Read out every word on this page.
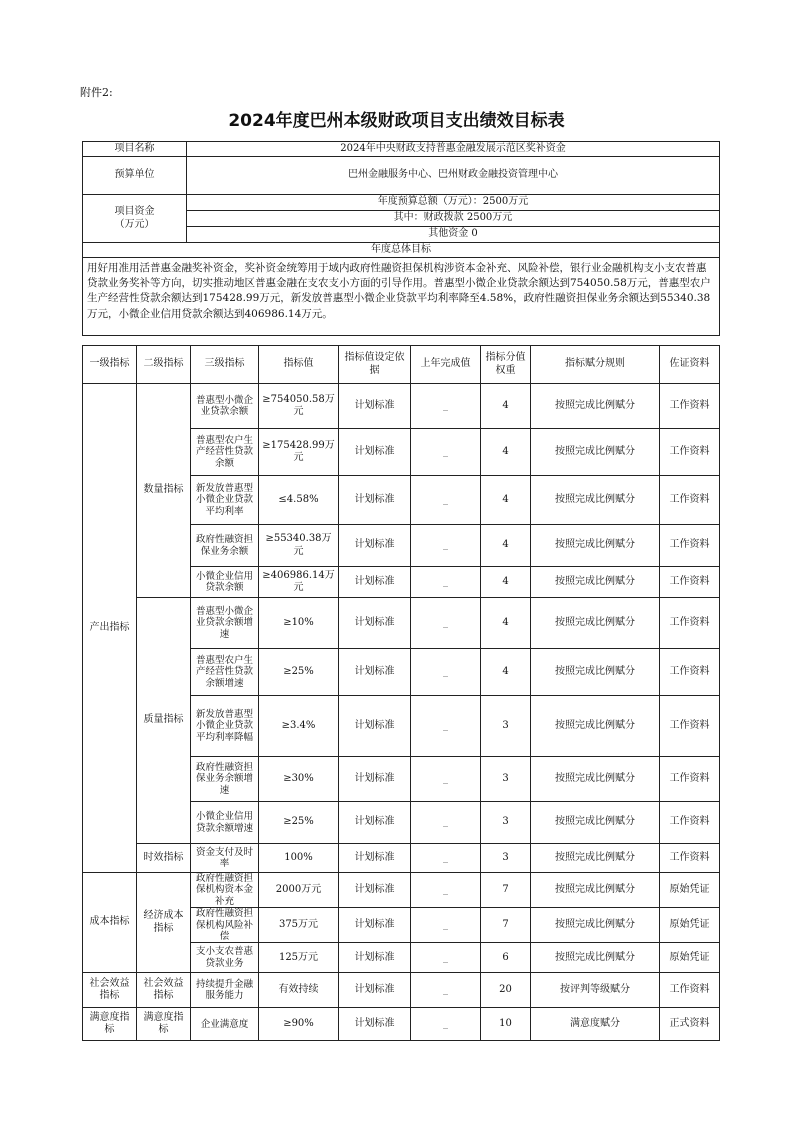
附件2:
2024年度巴州本级财政项目支出绩效目标表
项目名称	2024年中央财政支持普惠金融发展示范区奖补资金
预算单位	巴州金融服务中心、巴州财政金融投资管理中心
项目资金
（万元）	年度预算总额（万元）：2500万元
	其中：财政拨款 2500万元
	其他资金 0
年度总体目标	
用好用准用活普惠金融奖补资金，奖补资金统筹用于域内政府性融资担保机构涉资本金补充、风险补偿，银行业金融机构支小支农普惠贷款业务奖补等方向，切实推动地区普惠金融在支农支小方面的引导作用。普惠型小微企业贷款余额达到754050.58万元，普惠型农户生产经营性贷款余额达到175428.99万元，新发放普惠型小微企业贷款平均利率降至4.58%，政府性融资担保业务余额达到55340.38万元，小微企业信用贷款余额达到406986.14万元。	
一级指标	二级指标	三级指标	指标值	指标值设定依据	上年完成值	指标分值权重	指标赋分规则	佐证资料
产出指标	数量指标	普惠型小微企业贷款余额	≥754050.58万元	计划标准	_	4	按照完成比例赋分	工作资料
		普惠型农户生产经营性贷款余额	≥175428.99万元	计划标准	_	4	按照完成比例赋分	工作资料
		新发放普惠型小微企业贷款平均利率	≤4.58%	计划标准	_	4	按照完成比例赋分	工作资料
		政府性融资担保业务余额	≥55340.38万元	计划标准	_	4	按照完成比例赋分	工作资料
		小微企业信用贷款余额	≥406986.14万元	计划标准	_	4	按照完成比例赋分	工作资料
	质量指标	普惠型小微企业贷款余额增速	≥10%	计划标准	_	4	按照完成比例赋分	工作资料
		普惠型农户生产经营性贷款余额增速	≥25%	计划标准	_	4	按照完成比例赋分	工作资料
		新发放普惠型小微企业贷款平均利率降幅	≥3.4%	计划标准	_	3	按照完成比例赋分	工作资料
		政府性融资担保业务余额增速	≥30%	计划标准	_	3	按照完成比例赋分	工作资料
		小微企业信用贷款余额增速	≥25%	计划标准	_	3	按照完成比例赋分	工作资料
	时效指标	资金支付及时率	100%	计划标准	_	3	按照完成比例赋分	工作资料
成本指标	经济成本指标	政府性融资担保机构资本金补充	2000万元	计划标准	_	7	按照完成比例赋分	原始凭证
		政府性融资担保机构风险补偿	375万元	计划标准	_	7	按照完成比例赋分	原始凭证
		支小支农普惠贷款业务	125万元	计划标准	_	6	按照完成比例赋分	原始凭证
社会效益指标	社会效益指标	持续提升金融服务能力	有效持续	计划标准	_	20	按评判等级赋分	工作资料
满意度指标	满意度指标	企业满意度	≥90%	计划标准	_	10	满意度赋分	正式资料
